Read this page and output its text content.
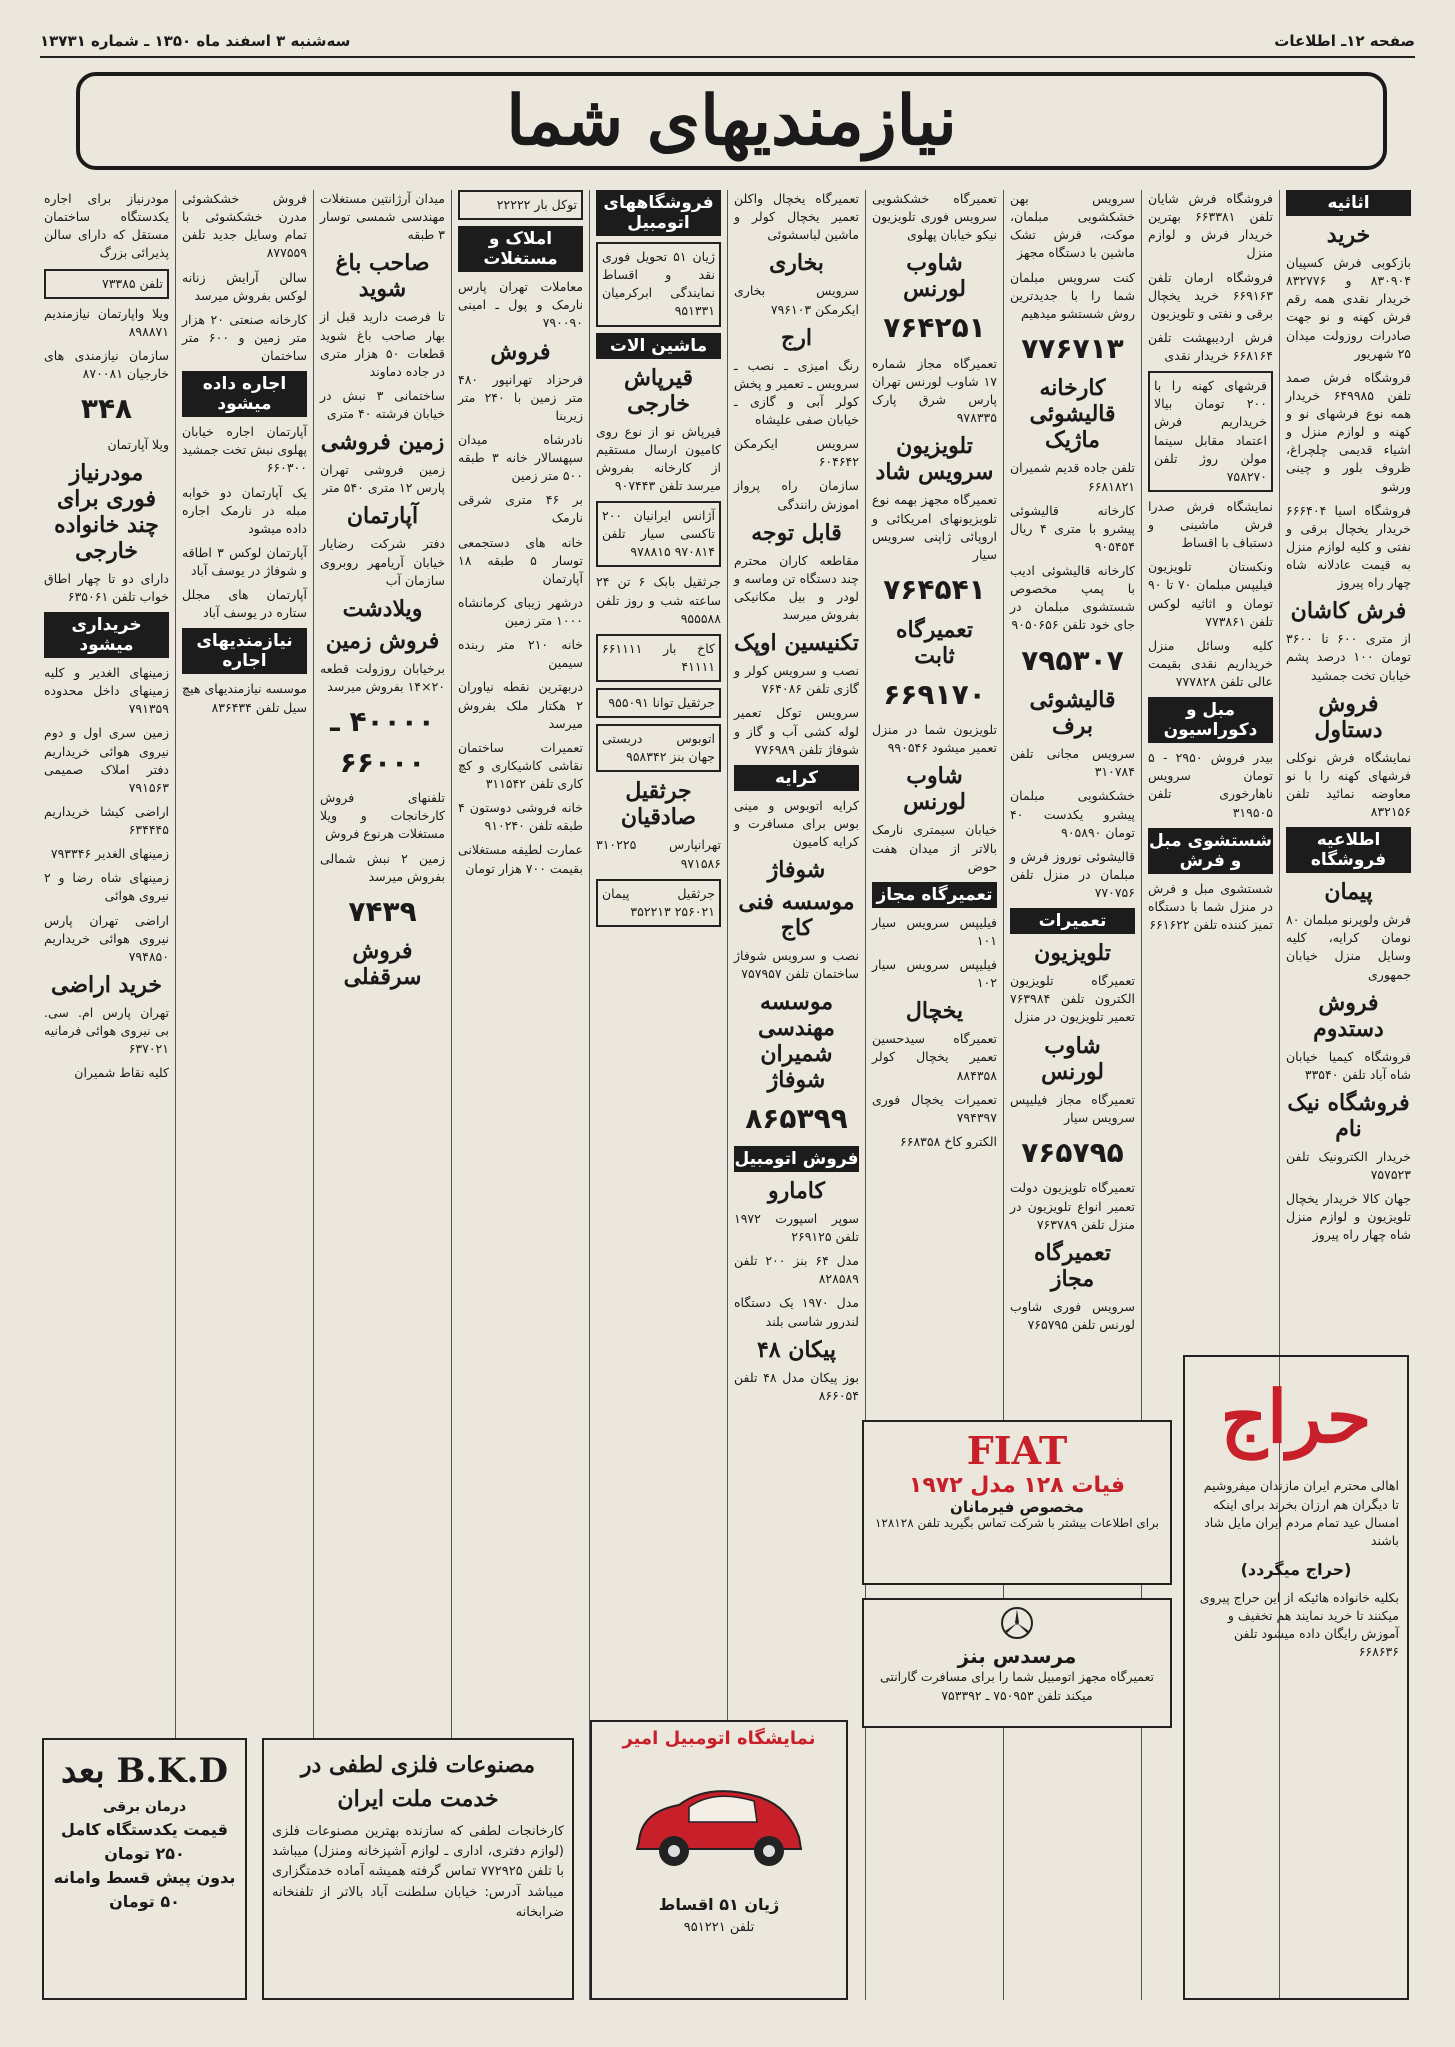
صفحه ۱۲ـ اطلاعات
سه‌شنبه ۳ اسفند ماه ۱۳۵۰ ـ شماره ۱۳۷۳۱
نیازمندیهای شما
اثاثیه
خرید
بازکوبی فرش کسپیان ۸۳۰۹۰۴ و ۸۳۲۷۷۶ خریدار نقدی همه رقم فرش کهنه و نو جهت صادرات روزولت میدان ۲۵ شهریور
فروشگاه فرش صمد تلفن ۶۴۹۹۸۵ خریدار همه نوع فرشهای نو و کهنه و لوازم منزل و اشیاء قدیمی چلچراغ، ظروف بلور و چینی ورشو
فروشگاه اسیا ۶۶۶۴۰۴ خریدار یخچال برقی و نفتی و کلیه لوازم منزل به قیمت عادلانه شاه چهار راه پیروز
فرش کاشان
از متری ۶۰۰ تا ۳۶۰۰ تومان ۱۰۰ درصد پشم خیابان تخت جمشید
فروش دستاول
نمایشگاه فرش نوکلی فرشهای کهنه را با نو معاوضه نمائید تلفن ۸۳۲۱۵۶
اطلاعیه فروشگاه
پیمان
فرش ولوپرنو مبلمان ۸۰ نومان کرایه، کلیه وسایل منزل خیابان جمهوری
فروش دستدوم
فروشگاه کیمیا خیابان شاه آباد تلفن ۳۳۵۴۰
فروشگاه نیک نام
خریدار الکترونیک تلفن ۷۵۷۵۲۳
جهان کالا خریدار یخچال تلویزیون و لوازم منزل شاه چهار راه پیروز
فروشگاه فرش شایان تلفن ۶۶۳۳۸۱ بهترین خریدار فرش و لوازم منزل
فروشگاه ارمان تلفن ۶۶۹۱۶۳ خرید یخچال برقی و نفتی و تلویزیون
فرش اردیبهشت تلفن ۶۶۸۱۶۴ خریدار نقدی
فرشهای کهنه را با ۲۰۰ تومان بیالا خریداریم فرش اعتماد مقابل سینما مولن روژ تلفن ۷۵۸۲۷۰
نمایشگاه فرش صدرا فرش ماشینی و دستباف با اقساط
ونکستان تلویزیون فیلیپس مبلمان ۷۰ تا ۹۰ تومان و اثاثیه لوکس تلفن ۷۷۳۸۶۱
کلیه وسائل منزل خریداریم نقدی بقیمت عالی تلفن ۷۷۷۸۲۸
مبل و دکوراسیون
بیدر فروش ۲۹۵۰ - ۵ تومان سرویس ناهارخوری تلفن ۳۱۹۵۰۵
شستشوی مبل و فرش
شستشوی مبل و فرش در منزل شما با دستگاه تمیز کننده تلفن ۶۶۱۶۲۲
سرویس بهن خشکشویی مبلمان، موکت، فرش تشک ماشین با دستگاه مجهز
کنت سرویس مبلمان شما را با جدیدترین روش شستشو میدهیم
۷۷۶۷۱۳
کارخانه قالیشوئی ماژیک
تلفن جاده قدیم شمیران ۶۶۸۱۸۲۱
کارخانه قالیشوئی پیشرو با متری ۴ ریال ۹۰۵۴۵۴
کارخانه قالیشوئی ادیب با پمپ مخصوص شستشوی مبلمان در جای خود تلفن ۹۰۵۰۶۵۶
۷۹۵۳۰۷
قالیشوئی برف
سرویس مجانی تلفن ۳۱۰۷۸۴
خشکشویی مبلمان پیشرو یکدست ۴۰ تومان ۹۰۵۸۹۰
قالیشوئی نوروز فرش و مبلمان در منزل تلفن ۷۷۰۷۵۶
تعمیرات
تلویزیون
تعمیرگاه تلویزیون الکترون تلفن ۷۶۳۹۸۴ تعمیر تلویزیون در منزل
شاوب لورنس
تعمیرگاه مجاز فیلیپس سرویس سیار
۷۶۵۷۹۵
تعمیرگاه تلویزیون دولت تعمیر انواع تلویزیون در منزل تلفن ۷۶۳۷۸۹
تعمیرگاه مجاز
سرویس فوری شاوب لورنس تلفن ۷۶۵۷۹۵
تعمیرگاه خشکشویی سرویس فوری تلویزیون نیکو خیابان پهلوی
شاوب لورنس
۷۶۴۲۵۱
تعمیرگاه مجاز شماره ۱۷ شاوب لورنس تهران پارس شرق پارک ۹۷۸۳۳۵
تلویزیون سرویس شاد
تعمیرگاه مجهز بهمه نوع تلویزیونهای امریکائی و اروپائی ژاپنی سرویس سیار
۷۶۴۵۴۱
تعمیرگاه ثابت
۶۶۹۱۷۰
تلویزیون شما در منزل تعمیر میشود ۹۹۰۵۴۶
شاوب لورنس
خیابان سیمتری نارمک بالاتر از میدان هفت حوض
تعمیرگاه مجاز
فیلیپس سرویس سیار ۱۰۱
فیلیپس سرویس سیار ۱۰۲
یخچال
تعمیرگاه سیدحسین تعمیر یخچال کولر ۸۸۴۳۵۸
تعمیرات یخچال فوری ۷۹۴۳۹۷
الکترو کاخ ۶۶۸۳۵۸
تعمیرگاه یخچال واکلن تعمیر یخچال کولر و ماشین لباسشوئی
بخاری
سرویس بخاری ایکرمکن ۷۹۶۱۰۳
ارج
رنگ امیزی ـ نصب ـ سرویس ـ تعمیر و پخش کولر آبی و گازی ـ خیابان صفی علیشاه
سرویس ایکرمکن ۶۰۴۶۴۲
سازمان راه پرواز اموزش رانندگی
قابل توجه
مقاطعه کاران محترم چند دستگاه تن وماسه و لودر و بیل مکانیکی بفروش میرسد
تکنیسین اوپک
نصب و سرویس کولر و گازی تلفن ۷۶۴۰۸۶
سرویس توکل تعمیر لوله کشی آب و گاز و شوفاژ تلفن ۷۷۶۹۸۹
کرایه
کرایه اتوبوس و مینی بوس برای مسافرت و کرایه کامیون
شوفاژ
موسسه فنی کاج
نصب و سرویس شوفاژ ساختمان تلفن ۷۵۷۹۵۷
موسسه مهندسی شمیران شوفاژ
۸۶۵۳۹۹
فروش اتومبیل
کامارو
سوپر اسپورت ۱۹۷۲ تلفن ۲۶۹۱۲۵
مدل ۶۴ بنز ۲۰۰ تلفن ۸۲۸۵۸۹
مدل ۱۹۷۰ یک دستگاه لندرور شاسی بلند
پیکان ۴۸
بوز پیکان مدل ۴۸ تلفن ۸۶۶۰۵۴
فروشگاههای اتومبیل
ژیان ۵۱ تحویل فوری نقد و اقساط نمایندگی ابرکرمیان ۹۵۱۳۳۱
ماشین الات
قیرپاش خارجی
قیرپاش نو از نوع روی کامیون ارسال مستقیم از کارخانه بفروش میرسد تلفن ۹۰۷۴۴۳
آژانس ایرانیان ۲۰۰ تاکسی سیار تلفن ۹۷۰۸۱۴ ۹۷۸۸۱۵
جرثقیل بابک ۶ تن ۲۴ ساعته شب و روز تلفن ۹۵۵۵۸۸
کاخ بار ۶۶۱۱۱۱ ۴۱۱۱۱
جرثقیل توانا ۹۵۵۰۹۱
اتوبوس دربستی جهان بنز ۹۵۸۳۴۲
جرثقیل صادقیان
تهرانپارس ۳۱۰۲۲۵ ۹۷۱۵۸۶
جرثقیل پیمان ۲۵۶۰۲۱ ۳۵۲۲۱۳
توکل بار ۲۲۲۲۲
املاک و مستغلات
معاملات تهران پارس نارمک و پول ـ امینی ۷۹۰۰۹۰
فروش
فرحزاد تهرانپور ۴۸۰ متر زمین با ۲۴۰ متر زیربنا
نادرشاه میدان سپهسالار خانه ۳ طبقه ۵۰۰ متر زمین
بر ۴۶ متری شرقی نارمک
خانه های دستجمعی توسار ۵ طبقه ۱۸ آپارتمان
درشهر زیبای کرمانشاه ۱۰۰۰ متر زمین
خانه ۲۱۰ متر ربنده سیمین
دربهترین نقطه نیاوران ۲ هکتار ملک بفروش میرسد
تعمیرات ساختمان نقاشی کاشیکاری و کچ کاری تلفن ۳۱۱۵۴۲
خانه فروشی دوستون ۴ طبقه تلفن ۹۱۰۲۴۰
عمارت لطیفه مستغلانی بقیمت ۷۰۰ هزار تومان
میدان آرژانتین مستغلات مهندسی شمسی توسار ۳ طبقه
صاحب باغ شوید
تا فرصت دارید قبل از بهار صاحب باغ شوید قطعات ۵۰ هزار متری در جاده دماوند
ساختمانی ۳ نبش در خیابان فرشته ۴۰ متری
زمین فروشی
زمین فروشی تهران پارس ۱۲ متری ۵۴۰ متر
آپارتمان
دفتر شرکت رضایار خیابان آریامهر روبروی سازمان آب
ویلادشت
فروش زمین
برخیابان روزولت قطعه ۲۰×۱۴ بفروش میرسد
۴۰۰۰۰ ـ ۶۶۰۰۰
تلفنهای فروش کارخانجات و ویلا مستغلات هرنوع فروش
زمین ۲ نبش شمالی بفروش میرسد
۷۴۳۹
فروش سرقفلی
فروش خشکشوئی مدرن خشکشوئی با تمام وسایل جدید تلفن ۸۷۷۵۵۹
سالن آرایش زنانه لوکس بفروش میرسد
کارخانه صنعتی ۲۰ هزار متر زمین و ۶۰۰ متر ساختمان
اجاره داده میشود
آپارتمان اجاره خیابان پهلوی نبش تخت جمشید ۶۶۰۳۰۰
یک آپارتمان دو خوابه مبله در نارمک اجاره داده میشود
آپارتمان لوکس ۳ اطاقه و شوفاژ در یوسف آباد
آپارتمان های مجلل ستاره در یوسف آباد
نیازمندیهای اجاره
موسسه نیازمندیهای هیچ سیل تلفن ۸۳۶۴۳۴
مودرنیاز برای اجاره یکدستگاه ساختمان مستقل که دارای سالن پذیرائی بزرگ
تلفن ۷۳۳۸۵
ویلا واپارتمان نیازمندیم ۸۹۸۸۷۱
سازمان نیازمندی های خارجیان ۸۷۰۰۸۱
۳۴۸
ویلا آپارتمان
مودرنیاز فوری برای چند خانواده خارجی
دارای دو تا چهار اطاق خواب تلفن ۶۳۵۰۶۱
خریداری میشود
زمینهای الغدیر و کلیه زمینهای داخل محدوده ۷۹۱۳۵۹
زمین سری اول و دوم نیروی هوائی خریداریم دفتر املاک صمیمی ۷۹۱۵۶۳
اراضی کیشا خریداریم ۶۳۴۴۴۵
زمینهای الغدیر ۷۹۳۳۴۶
زمینهای شاه رضا و ۲ نیروی هوائی
اراضی تهران پارس نیروی هوائی خریداریم ۷۹۴۸۵۰
خرید اراضی
تهران پارس ام. سی. بی نیروی هوائی فرمانیه ۶۳۷۰۲۱
کلیه نقاط شمیران
حراج
اهالی محترم ایران مازندان میفروشیم تا دیگران هم ارزان بخرند برای اینکه امسال عید تمام مردم ایران مایل شاد باشند
(حراج میگردد)
بکلیه خانواده هائیکه از این حراج پیروی میکنند تا خرید نمایند هم تخفیف و آموزش رایگان داده میشود تلفن ۶۶۸۶۳۶
B.K.D بعد
درمان برقی
قیمت یکدستگاه کامل ۲۵۰ تومان
بدون پیش قسط وامانه ۵۰ تومان
مصنوعات فلزی لطفی در خدمت ملت ایران
کارخانجات لطفی که سازنده بهترین مصنوعات فلزی (لوازم دفتری، اداری ـ لوازم آشپزخانه ومنزل) میباشد با تلفن ۷۷۲۹۲۵ تماس گرفته همیشه آماده خدمتگزاری میباشد آدرس: خیابان سلطنت آباد بالاتر از تلفنخانه ضرابخانه
نمایشگاه اتومبیل امیر
ژیان ۵۱ اقساط
تلفن ۹۵۱۲۲۱
FIAT
فیات ۱۲۸ مدل ۱۹۷۲
مخصوص فیرمانان
برای اطلاعات بیشتر با شرکت تماس بگیرید تلفن ۱۲۸۱۲۸
مرسدس بنز
تعمیرگاه مجهز اتومبیل شما را برای مسافرت گارانتی میکند تلفن ۷۵۰۹۵۳ ـ ۷۵۳۳۹۲
